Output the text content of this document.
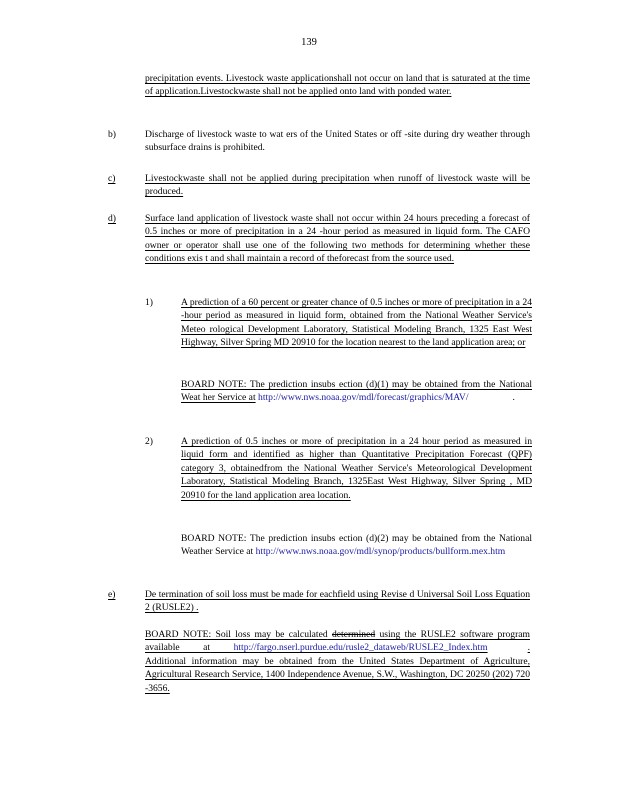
139
precipitation events. Livestock waste applicationshall not occur on land that is saturated at the time of application.Livestockwaste shall not be applied onto land with ponded water.
b)	Discharge of livestock waste to wat ers of the United States or off -site during dry weather through subsurface drains is prohibited.
c)	Livestockwaste shall not be applied during precipitation when runoff of livestock waste will be produced.
d)	Surface land application of livestock waste shall not occur within 24 hours preceding a forecast of 0.5 inches or more of precipitation in a 24 -hour period as measured in liquid form. The CAFO owner or operator shall use one of the following two methods for determining whether these conditions exis t and shall maintain a record of theforecast from the source used.
1)	A prediction of a 60 percent or greater chance of 0.5 inches or more of precipitation in a 24 -hour period as measured in liquid form, obtained from the National Weather Service's Meteo rological Development Laboratory, Statistical Modeling Branch, 1325 East West Highway, Silver Spring MD 20910 for the location nearest to the land application area; or
BOARD NOTE: The prediction insubs ection (d)(1) may be obtained from the National Weat her Service at http://www.nws.noaa.gov/mdl/forecast/graphics/MAV/	.
2)	A prediction of 0.5 inches or more of precipitation in a 24 hour period as measured in liquid form and identified as higher than Quantitative Precipitation Forecast (QPF) category 3, obtainedfrom the National Weather Service's Meteorological Development Laboratory, Statistical Modeling Branch, 1325East West Highway, Silver Spring , MD 20910 for the land application area location.
BOARD NOTE: The prediction insubs ection (d)(2) may be obtained from the National Weather Service at http://www.nws.noaa.gov/mdl/synop/products/bullform.mex.htm
e)	De termination of soil loss must be made for eachfield using Revise d Universal Soil Loss Equation 2 (RUSLE2) .
BOARD NOTE: Soil loss may be calculated determined using the RUSLE2 software program available at http://fargo.nserl.purdue.edu/rusle2_dataweb/RUSLE2_Index.htm	. Additional information may be obtained from the United States Department of Agriculture, Agricultural Research Service, 1400 Independence Avenue, S.W., Washington, DC 20250 (202) 720 -3656.
